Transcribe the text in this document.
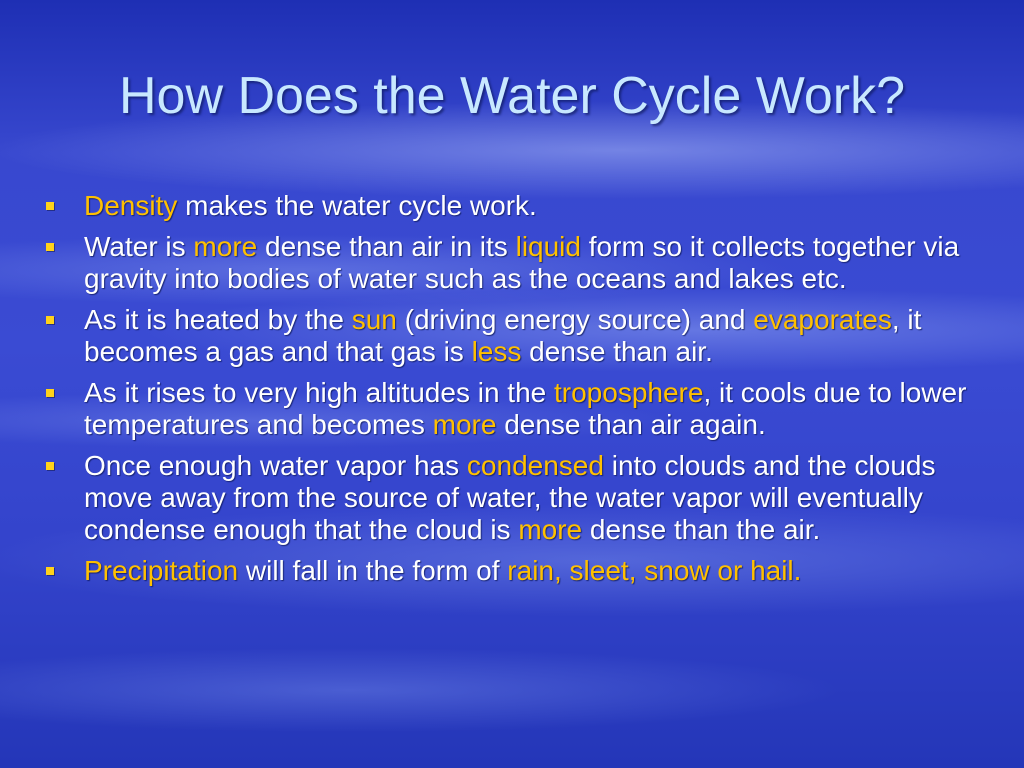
How Does the Water Cycle Work?
Density makes the water cycle work.
Water is more dense than air in its liquid form so it collects together via gravity into bodies of water such as the oceans and lakes etc.
As it is heated by the sun (driving energy source) and evaporates, it becomes a gas and that gas is less dense than air.
As it rises to very high altitudes in the troposphere, it cools due to lower temperatures and becomes more dense than air again.
Once enough water vapor has condensed into clouds and the clouds move away from the source of water, the water vapor will eventually condense enough that the cloud is more dense than the air.
Precipitation will fall in the form of rain, sleet, snow or hail.
